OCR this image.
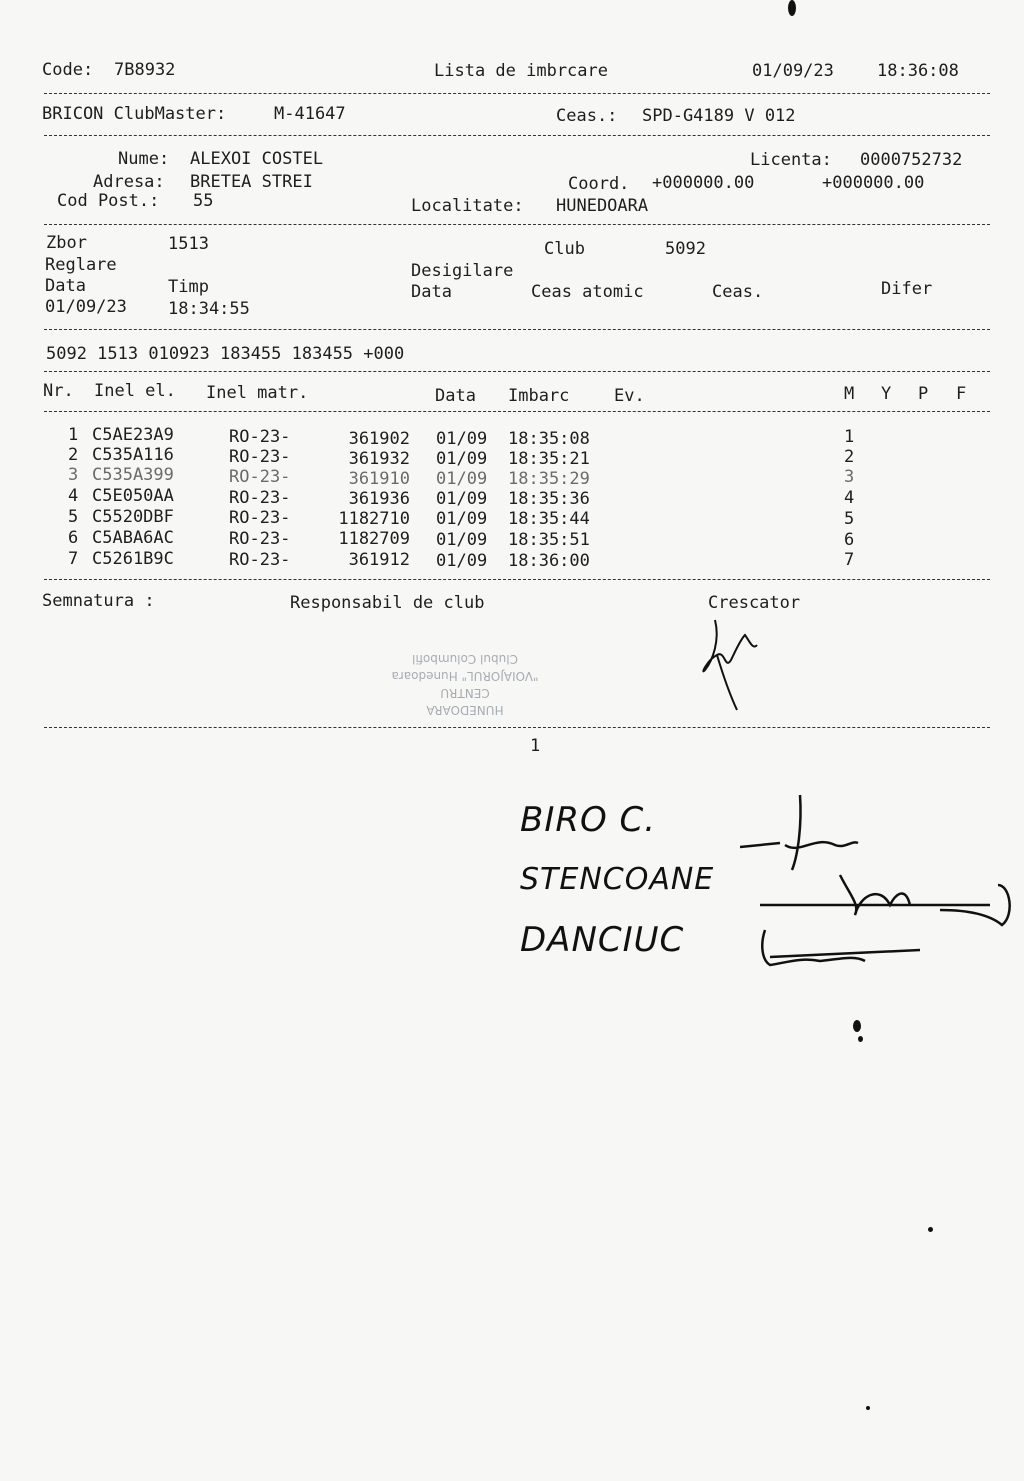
Code: 7B8932	Lista de imbrcare	01/09/23	18:36:08
BRICON ClubMaster:	M-41647	Ceas.: SPD-G4189 V 012
Nume: ALEXOI COSTEL
Adresa: BRETEA STREI
Cod Post.: 55
Licenta: 0000752732
Coord. +000000.00	+000000.00
Localitate: HUNEDOARA
Zbor	1513	Club	5092
Reglare	Desigilare
Data	Timp	Data	Ceas atomic	Ceas.	Difer
01/09/23 18:34:55
5092 1513 010923 183455 183455 +000
Nr. Inel el. Inel matr.	Data Imbarc	Ev.	M Y P F
1 C5AE23A9	RO-23-	361902 01/09 18:35:08	1
2 C535A116	RO-23-	361932 01/09 18:35:21	2
3 C535A399	RO-23-	361910 01/09 18:35:29	3
4 C5E050AA	RO-23-	361936 01/09 18:35:36	4
5 C5520DBF	RO-23-	1182710 01/09 18:35:44	5
6 C5ABA6AC	RO-23-	1182709 01/09 18:35:51	6
7 C5261B9C	RO-23-	361912 01/09 18:36:00	7
Semnatura :	Responsabil de club	Crescator
HUNEDOARA
CENTRU
"VOIAJORUL" Hunedoara
Clubul Columbofil
1
BIRO C.
STENCOANE
DANCIUC
